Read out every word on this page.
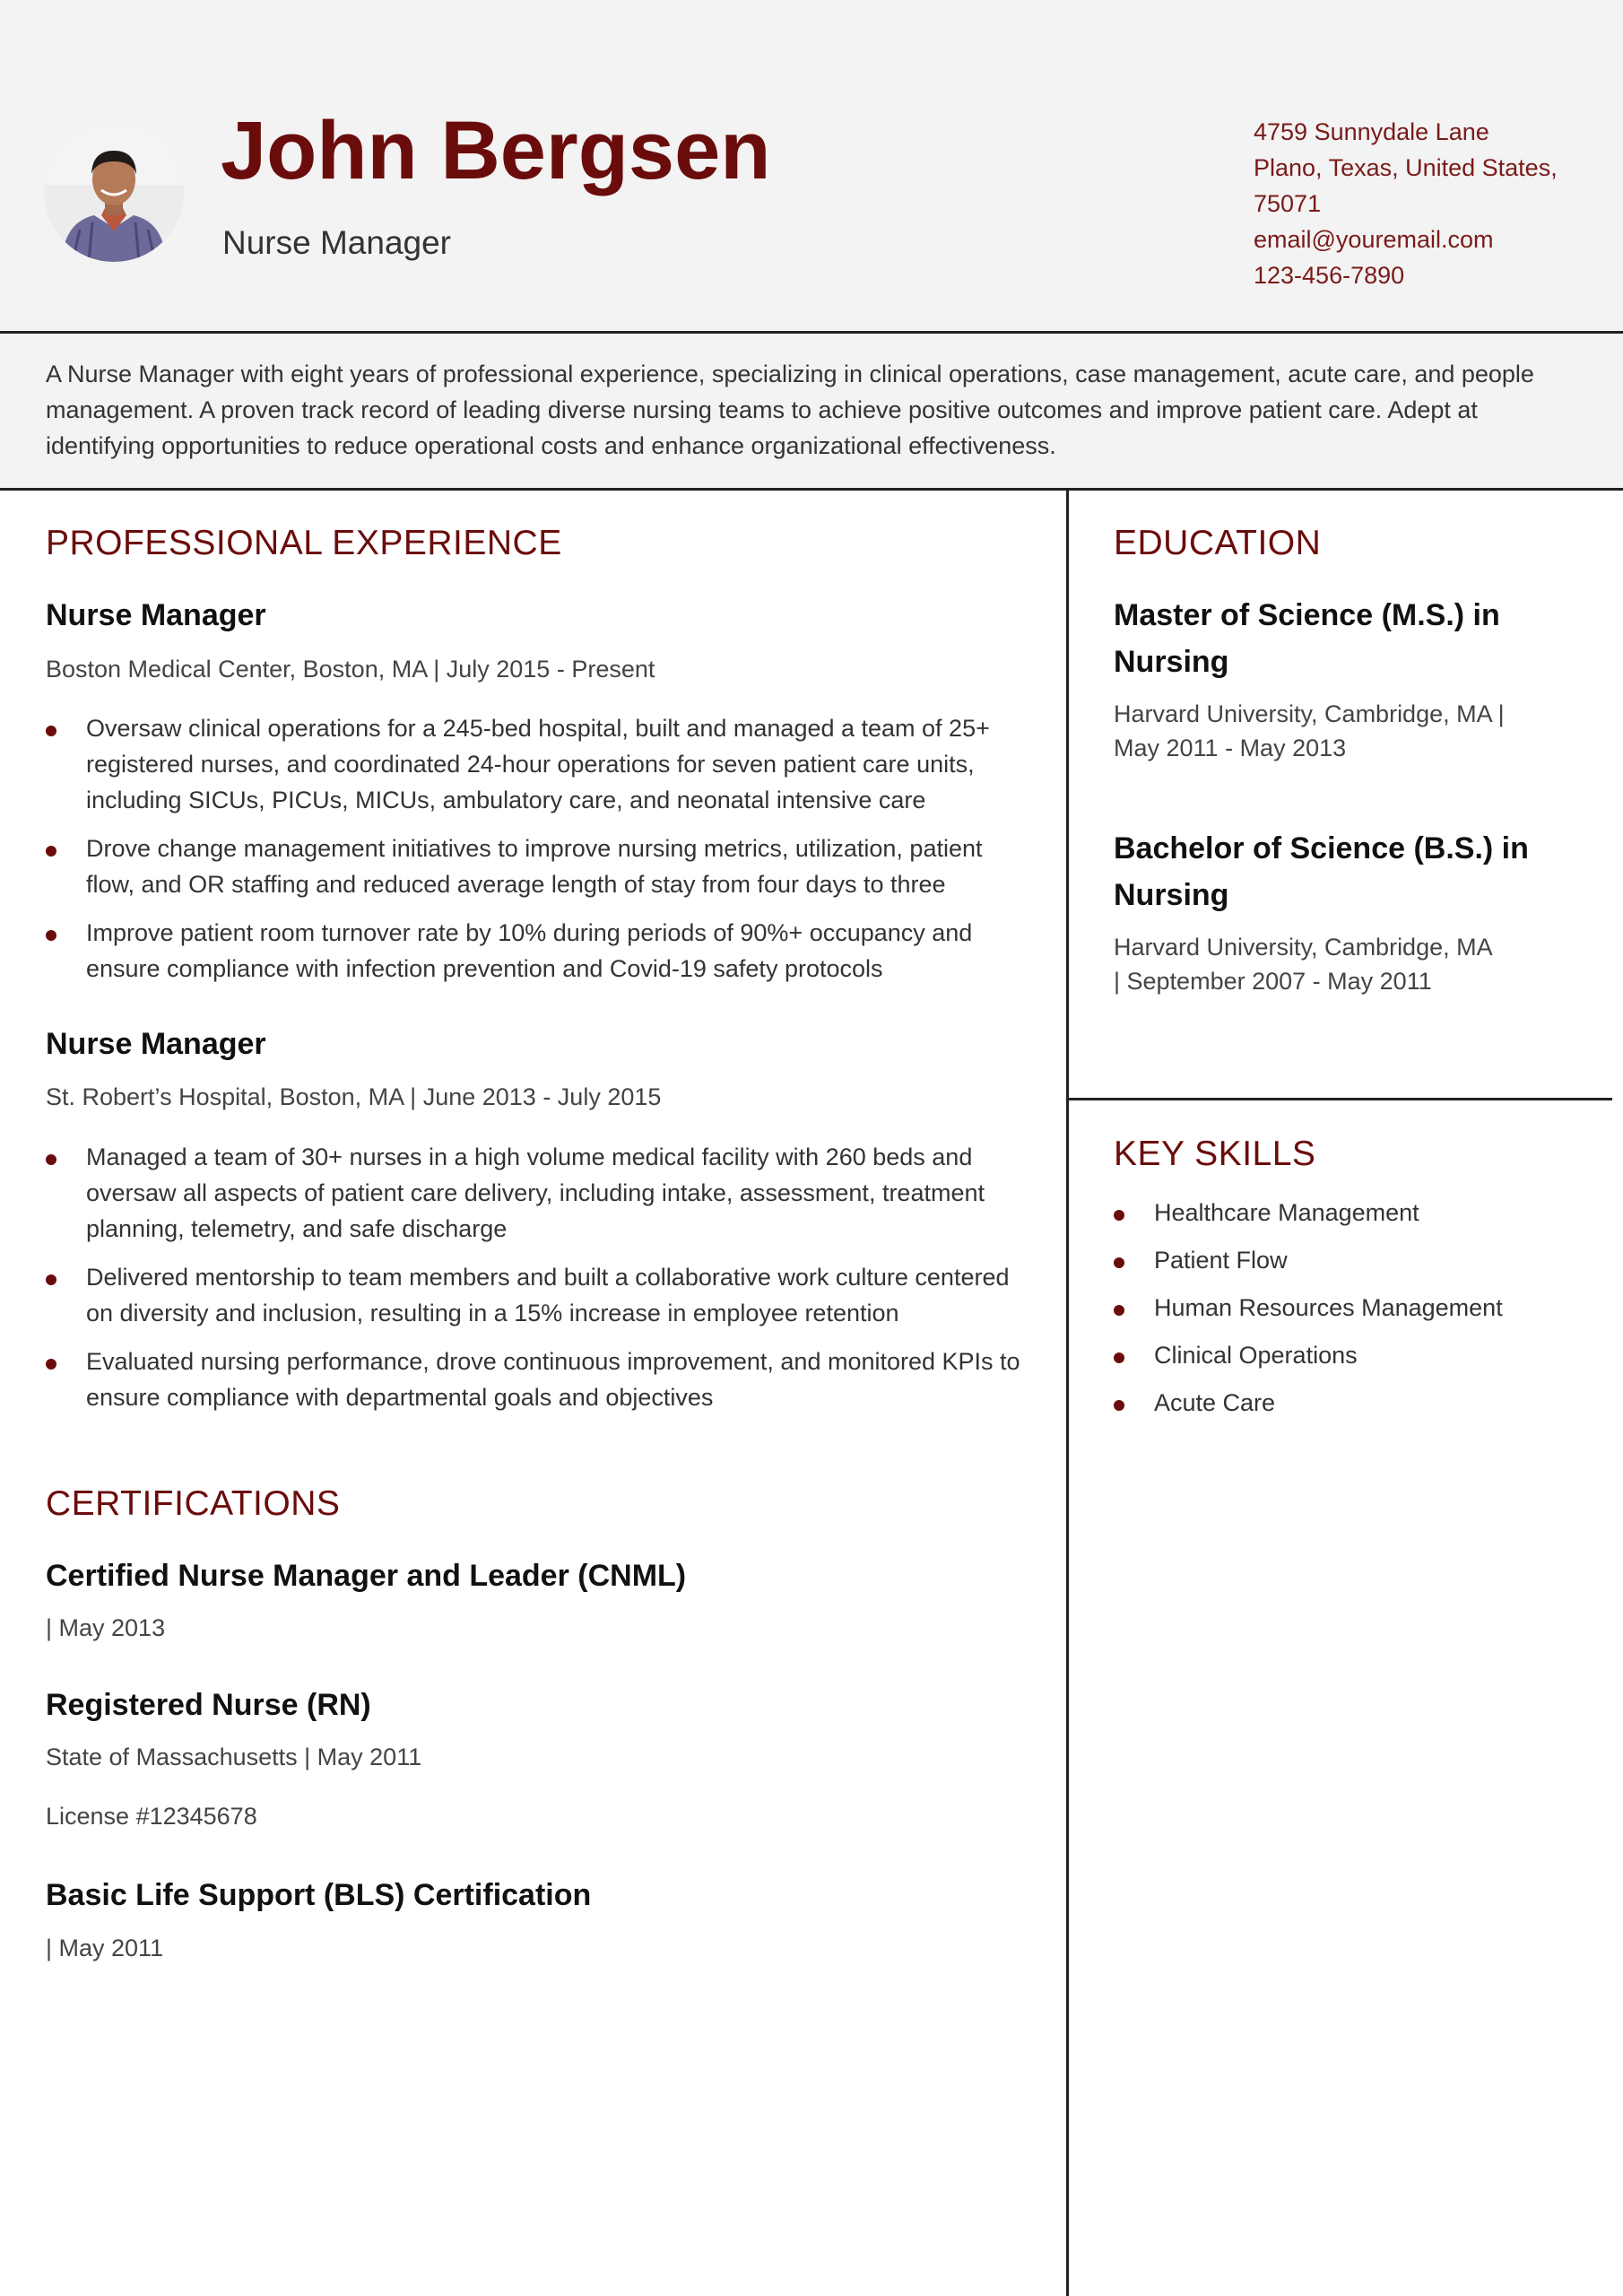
John Bergsen
Nurse Manager
4759 Sunnydale Lane
Plano, Texas, United States,
75071
email@youremail.com
123-456-7890

A Nurse Manager with eight years of professional experience, specializing in clinical operations, case management, acute care, and people management. A proven track record of leading diverse nursing teams to achieve positive outcomes and improve patient care. Adept at identifying opportunities to reduce operational costs and enhance organizational effectiveness.

PROFESSIONAL EXPERIENCE
Nurse Manager
Boston Medical Center, Boston, MA | July 2015 - Present
Oversaw clinical operations for a 245-bed hospital, built and managed a team of 25+ registered nurses, and coordinated 24-hour operations for seven patient care units, including SICUs, PICUs, MICUs, ambulatory care, and neonatal intensive care
Drove change management initiatives to improve nursing metrics, utilization, patient flow, and OR staffing and reduced average length of stay from four days to three
Improve patient room turnover rate by 10% during periods of 90%+ occupancy and ensure compliance with infection prevention and Covid-19 safety protocols
Nurse Manager
St. Robert’s Hospital, Boston, MA | June 2013 - July 2015
Managed a team of 30+ nurses in a high volume medical facility with 260 beds and oversaw all aspects of patient care delivery, including intake, assessment, treatment planning, telemetry, and safe discharge
Delivered mentorship to team members and built a collaborative work culture centered on diversity and inclusion, resulting in a 15% increase in employee retention
Evaluated nursing performance, drove continuous improvement, and monitored KPIs to ensure compliance with departmental goals and objectives
CERTIFICATIONS
Certified Nurse Manager and Leader (CNML)
| May 2013
Registered Nurse (RN)
State of Massachusetts | May 2011
License #12345678
Basic Life Support (BLS) Certification
| May 2011
EDUCATION
Master of Science (M.S.) in Nursing
Harvard University, Cambridge, MA | May 2011 - May 2013
Bachelor of Science (B.S.) in Nursing
Harvard University, Cambridge, MA | September 2007 - May 2011
KEY SKILLS
Healthcare Management
Patient Flow
Human Resources Management
Clinical Operations
Acute Care
